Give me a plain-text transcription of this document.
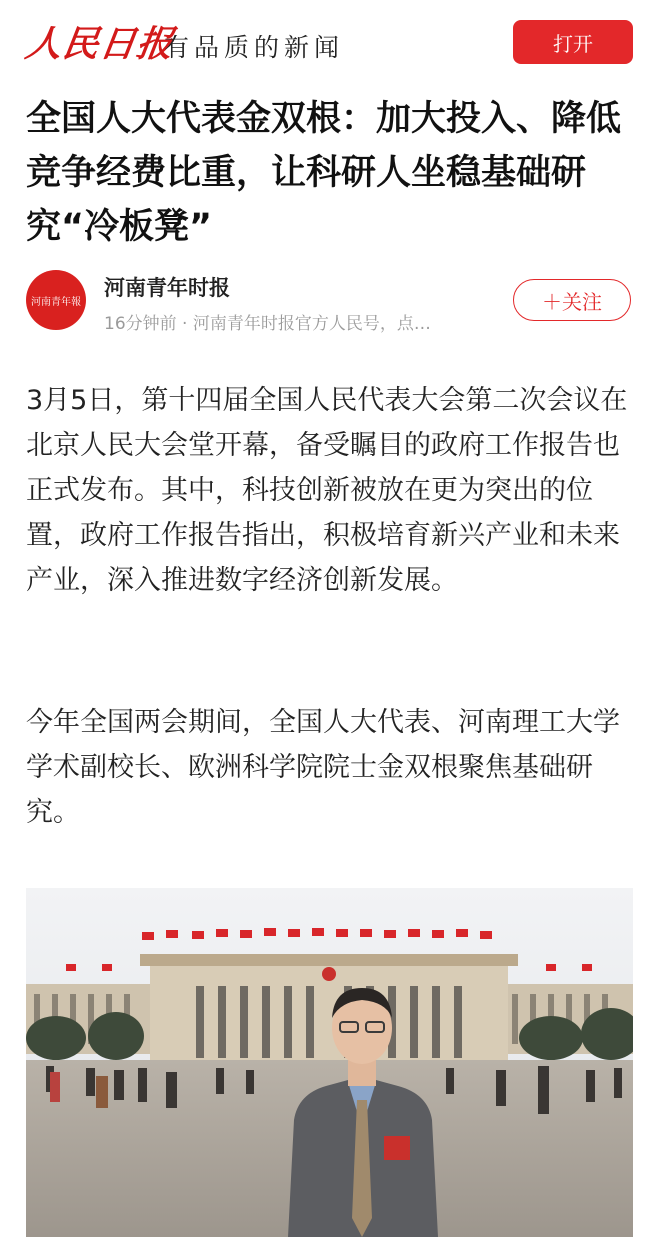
人民日报
有品质的新闻	打开
全国人大代表金双根：加大投入、降低竞争经费比重，让科研人坐稳基础研究“冷板凳”
河南青年報
河南青年时报
16分钟前 · 河南青年时报官方人民号，点…
＋关注

3月5日，第十四届全国人民代表大会第二次会议在北京人民大会堂开幕，备受瞩目的政府工作报告也正式发布。其中，科技创新被放在更为突出的位置，政府工作报告指出，积极培育新兴产业和未来产业，深入推进数字经济创新发展。

今年全国两会期间，全国人大代表、河南理工大学学术副校长、欧洲科学院院士金双根聚焦基础研究。
